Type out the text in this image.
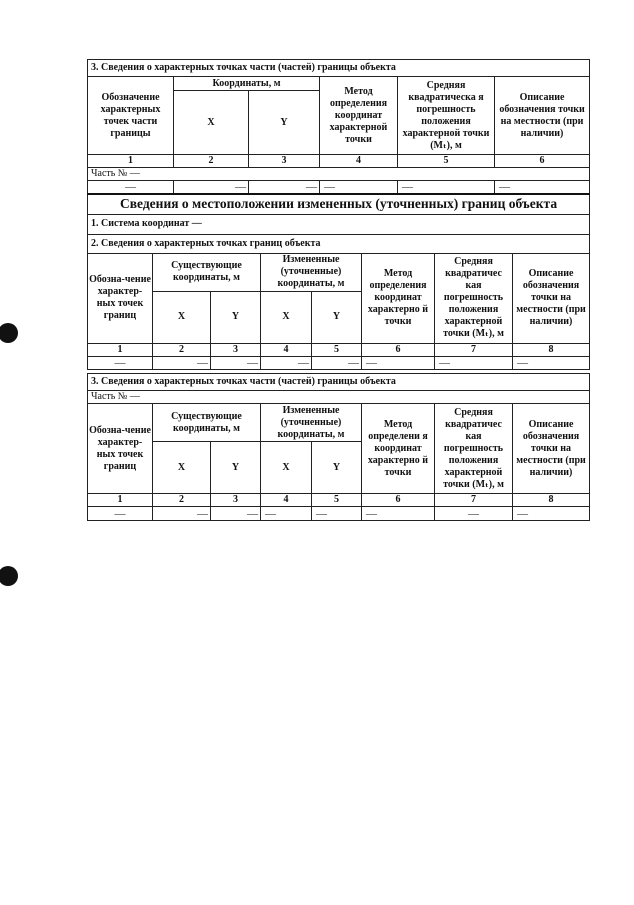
3. Сведения о характерных точках части (частей) границы объекта					
Обозначение характерных точек части границы	Координаты, м		Метод определения координат характерной точки	Средняя квадратическа я погрешность положения характерной точки (Mₜ), м	Описание обозначения точки на местности (при наличии)
	X	Y			
1	2	3	4	5	6
Часть № —					
—	—	—	—	—	—
Сведения о местоположении измененных (уточненных) границ объекта							
1. Система координат —							
2. Сведения о характерных точках границ объекта							
Обозна-чение характер-ных точек границ	Существующие координаты, м		Измененные (уточненные) координаты, м		Метод определения координат характерно й точки	Средняя квадратичес кая погрешность положения характерной точки (Mₜ), м	Описание обозначения точки на местности (при наличии)
	X	Y	X	Y			
1	2	3	4	5	6	7	8
—	—	—	—	—	—	—	—
3. Сведения о характерных точках части (частей) границы объекта							
Часть № —							
Обозна-чение характер-ных точек границ	Существующие координаты, м		Измененные (уточненные) координаты, м		Метод определени я координат характерно й точки	Средняя квадратичес кая погрешность положения характерной точки (Mₜ), м	Описание обозначения точки на местности (при наличии)
	X	Y	X	Y			
1	2	3	4	5	6	7	8
—	—	—	—	—	—	—	—
